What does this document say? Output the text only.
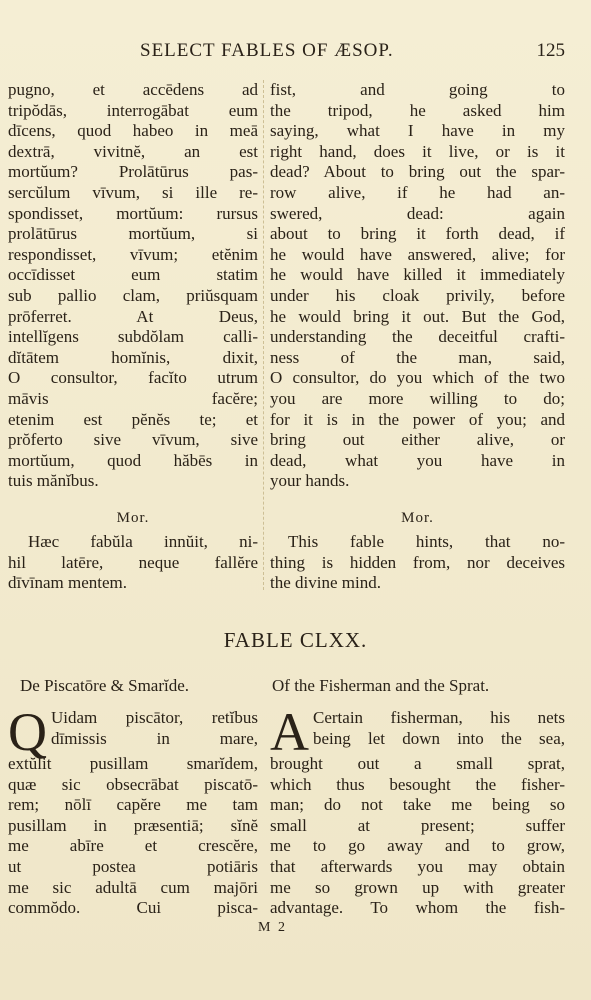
SELECT FABLES OF ÆSOP.	125
pugno, et accēdens ad
tripŏdās, interrogābat eum
dīcens, quod habeo in meā
dextrā, vivitnĕ, an est
mortŭum? Prolātūrus pas-
sercŭlum vīvum, si ille re-
spondisset, mortŭum: rursus
prolātūrus mortŭum, si
respondisset, vīvum; etĕnim
occīdisset eum statim
sub pallio clam, priŭsquam
prōferret. At Deus,
intellĭgens subdŏlam calli-
dĭtātem homĭnis, dixit,
O consultor, facĭto utrum
māvis facĕre;
etenim est pĕnĕs te; et
prŏferto sive vīvum, sive
mortŭum, quod hăbēs in
tuis mănĭbus.
fist, and going to
the tripod, he asked him
saying, what I have in my
right hand, does it live, or is it
dead? About to bring out the spar-
row alive, if he had an-
swered, dead: again
about to bring it forth dead, if
he would have answered, alive; for
he would have killed it immediately
under his cloak privily, before
he would bring it out. But the God,
understanding the deceitful crafti-
ness of the man, said,
O consultor, do you which of the two
you are more willing to do;
for it is in the power of you; and
bring out either alive, or
dead, what you have in
your hands.
Mor.	Mor.
Hæc fabŭla innŭit, ni-
hil latēre, neque fallĕre
dīvīnam mentem.
This fable hints, that no-
thing is hidden from, nor deceives
the divine mind.
FABLE CLXX.
De Piscatōre & Smarĭde.	Of the Fisherman and the Sprat.
Q Uidam piscātor, retĭbus
dīmissis in mare,
extŭlit pusillam smarĭdem,
quæ sic obsecrābat piscatō-
rem; nōlī capĕre me tam
pusillam in præsentiā; sĭnĕ
me abīre et crescĕre,
ut postea potiāris
me sic adultā cum majōri
commŏdo. Cui pisca-
A Certain fisherman, his nets
being let down into the sea,
brought out a small sprat,
which thus besought the fisher-
man; do not take me being so
small at present; suffer
me to go away and to grow,
that afterwards you may obtain
me so grown up with greater
advantage. To whom the fish-
M 2
